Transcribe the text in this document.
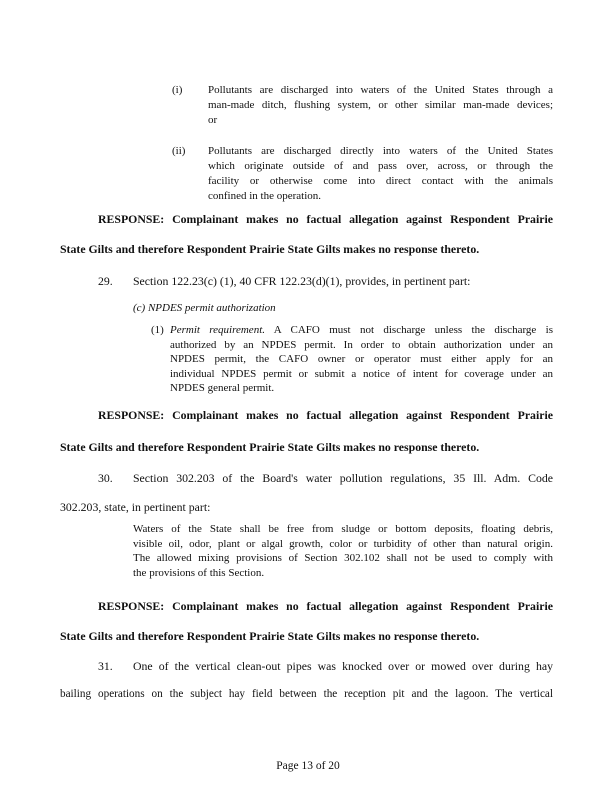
(i) Pollutants are discharged into waters of the United States through a
man-made ditch, flushing system, or other similar man-made devices;
or
(ii) Pollutants are discharged directly into waters of the United States
which originate outside of and pass over, across, or through the
facility or otherwise come into direct contact with the animals
confined in the operation.
RESPONSE: Complainant makes no factual allegation against Respondent Prairie
State Gilts and therefore Respondent Prairie State Gilts makes no response thereto.
29. Section 122.23(c) (1), 40 CFR 122.23(d)(1), provides, in pertinent part:
(c) NPDES permit authorization
(1) Permit requirement. A CAFO must not discharge unless the discharge is
authorized by an NPDES permit. In order to obtain authorization under an
NPDES permit, the CAFO owner or operator must either apply for an
individual NPDES permit or submit a notice of intent for coverage under an
NPDES general permit.
RESPONSE: Complainant makes no factual allegation against Respondent Prairie
State Gilts and therefore Respondent Prairie State Gilts makes no response thereto.
30. Section 302.203 of the Board's water pollution regulations, 35 Ill. Adm. Code
302.203, state, in pertinent part:
Waters of the State shall be free from sludge or bottom deposits, floating debris,
visible oil, odor, plant or algal growth, color or turbidity of other than natural origin.
The allowed mixing provisions of Section 302.102 shall not be used to comply with
the provisions of this Section.
RESPONSE: Complainant makes no factual allegation against Respondent Prairie
State Gilts and therefore Respondent Prairie State Gilts makes no response thereto.
31. One of the vertical clean-out pipes was knocked over or mowed over during hay
bailing operations on the subject hay field between the reception pit and the lagoon. The vertical
Page 13 of 20
